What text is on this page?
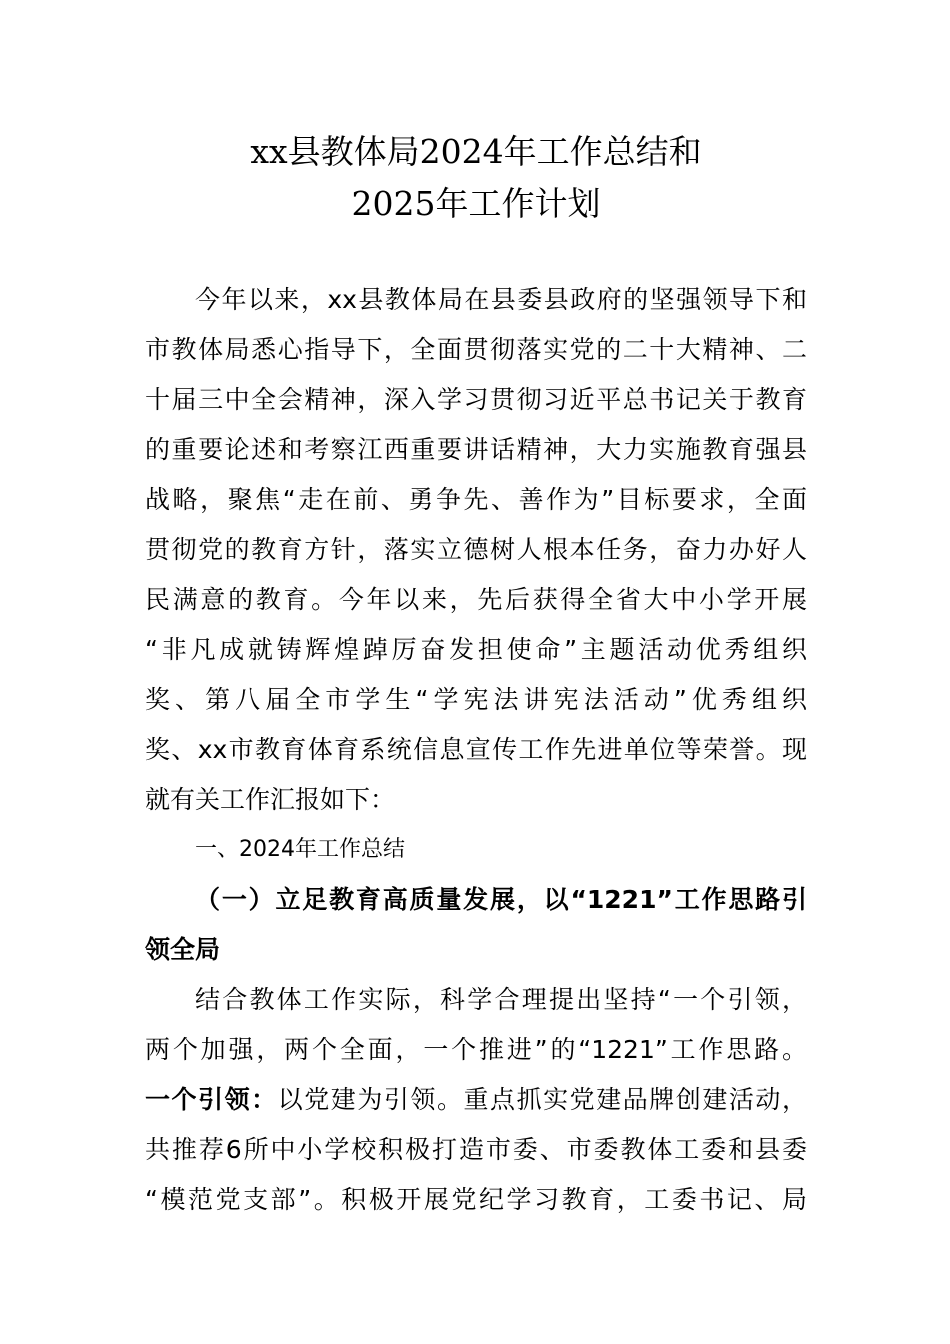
xx县教体局2024年工作总结和
2025年工作计划
今年以来，xx县教体局在县委县政府的坚强领导下和
市教体局悉心指导下，全面贯彻落实党的二十大精神、二
十届三中全会精神，深入学习贯彻习近平总书记关于教育
的重要论述和考察江西重要讲话精神，大力实施教育强县
战略，聚焦“走在前、勇争先、善作为”目标要求，全面
贯彻党的教育方针，落实立德树人根本任务，奋力办好人
民满意的教育。今年以来，先后获得全省大中小学开展
“非凡成就铸辉煌踔厉奋发担使命”主题活动优秀组织
奖、第八届全市学生“学宪法讲宪法活动”优秀组织
奖、xx市教育体育系统信息宣传工作先进单位等荣誉。现
就有关工作汇报如下：
一、2024年工作总结
（一）立足教育高质量发展，以“1221”工作思路引
领全局
结合教体工作实际，科学合理提出坚持“一个引领，
两个加强，两个全面，一个推进”的“1221”工作思路。
一个引领：以党建为引领。重点抓实党建品牌创建活动，
共推荐6所中小学校积极打造市委、市委教体工委和县委
“模范党支部”。积极开展党纪学习教育，工委书记、局
